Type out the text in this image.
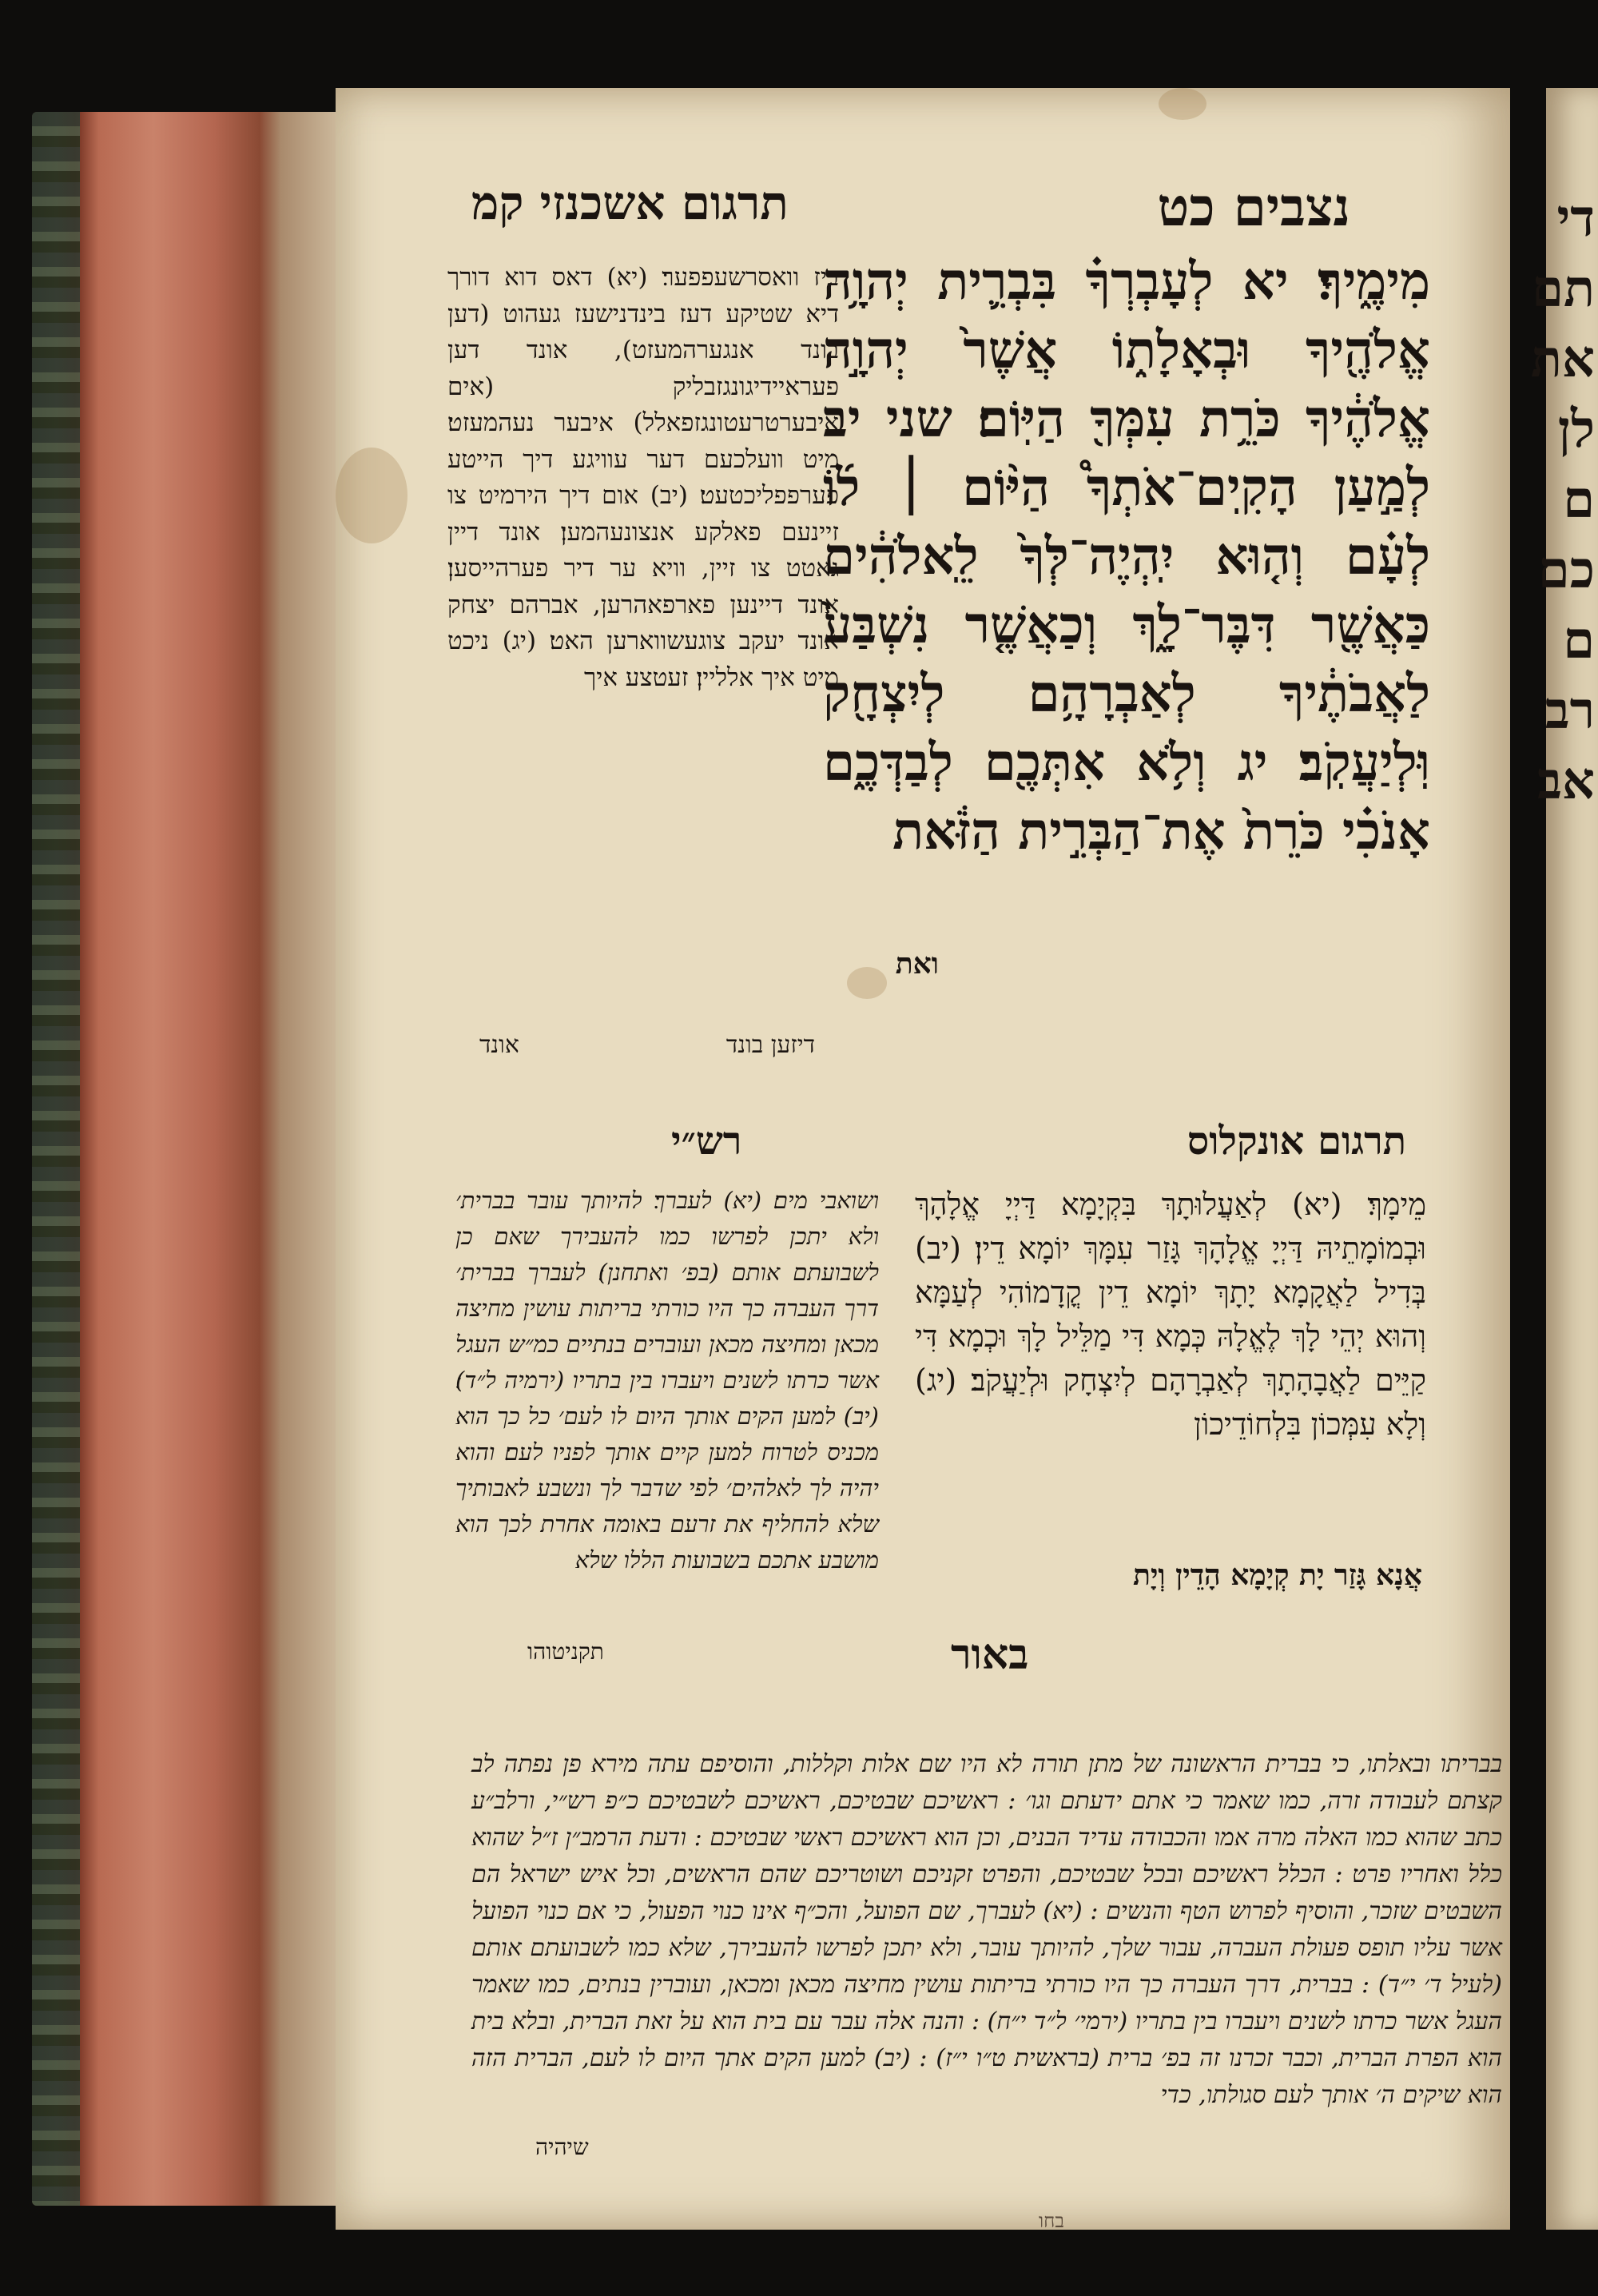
נצבים כט
תרגום אשכנזי קמ
מִימֶ֑יךָ׃ יא לְעָבְרְךָ֗ בִּבְרִ֛ית יְהוָ֥ה אֱלֹהֶ֖יךָ וּבְאָלָת֑וֹ אֲשֶׁר֙ יְהוָ֣ה אֱלֹהֶ֔יךָ כֹּרֵ֥ת עִמְּךָ֖ הַיּֽוֹם׃ שני יב לְמַ֣עַן הָקִֽים־אֹתְךָ֩ הַיּ֨וֹם ׀ ל֜וֹ לְעָ֗ם וְה֤וּא יִֽהְיֶה־לְּךָ֙ לֵֽאלֹהִ֔ים כַּאֲשֶׁ֖ר דִּבֶּר־לָ֑ךְ וְכַאֲשֶׁ֤ר נִשְׁבַּע֙ לַאֲבֹתֶ֔יךָ לְאַבְרָהָ֥ם לְיִצְחָ֖ק וּֽלְיַעֲקֹֽב׃ יג וְלֹ֥א אִתְּכֶ֖ם לְבַדְּכֶ֑ם אָנֹכִ֗י כֹּרֵת֙ אֶת־הַבְּרִ֣ית הַזֹּ֔את
ואת
ביז וואסרשעפפער׃ (יא) דאס דוא דורך דיא שטיקע דעז בינדנישעז געהוט (דען בונד אנגערהמעזט), אונד דען פעראיידיגונגזבליק (אים איבערטרעטונגזפאלל) איבער נעהמעזט׃ מיט וועלכעם דער עוויגע דיך הייטע פערפפליכטעט׃ (יב) אום דיך הירמיט צו זיינעם פאלקע אנצונעהמען׃ אונד דיין גאטט צו זיין, וויא ער דיר פערהייסען׃ אונד דיינען פארפאהרען, אברהם יצחק אונד יעקב צוגעשווארען האט׃ (יג) ניכט מיט איך אלליין׃ זעטצע איך
דיזען בונד
אונד
תרגום אונקלוס
רש״י
מֵימָךְ׃ (יא) לְאַעֲלוּתָךְ בִּקְיָמָא דַּיְיָ אֱלָהָךְ וּבְמוֹמָתֵיהּ דַּיְיָ אֱלָהָךְ גָּזַר עִמָּךְ יוֹמָא דֵין׃ (יב) בְּדִיל לַאֲקָמָא יָתָךְ יוֹמָא דֵין קֳדָמוֹהִי לְעַמָּא וְהוּא יְהֵי לָךְ לֶאֱלָהּ כְּמָא דִּי מַלֵּיל לָךְ וּכְמָא דִּי קַיֵּים לַאֲבָהָתָךְ לְאַבְרָהָם לְיִצְחָק וּלְיַעֲקֹב׃ (יג) וְלָא עִמְּכוֹן בִּלְחוֹדֵיכוֹן
אֲנָא גָּזַר יָת קְיָמָא הָדֵין וְיָת
ושואבי מים׃ (יא) לעברך׃ להיותך עובר בברית׳ ולא יתכן לפרשו כמו להעבירך שאם כן לשבועתם אותם (בפ׳ ואתחנן)׃ לעברך בברית׳ דרך העברה כך היו כורתי בריתות עושין מחיצה מכאן ומחיצה מכאן ועוברים בנתיים כמ״ש העגל אשר כרתו לשנים ויעברו בין בתריו (ירמיה ל״ד)׃ (יב) למען הקים אותך היום לו לעם׳ כל כך הוא מכניס לטרוח למען קיים אותך לפניו לעם׃ והוא יהיה לך לאלהים׳ לפי שדבר לך ונשבע לאבותיך שלא להחליף את זרעם באומה אחרת לכך הוא מושבע אתכם בשבועות הללו שלא
תקניטוהו	באור
בבריתו ובאלתו, כי בברית הראשונה של מתן תורה לא היו שם אלות וקללות, והוסיפם עתה מירא פן נפתה לב קצתם לעבודה זרה, כמו שאמר כי אתם ידעתם וגו׳ : ראשיכם שבטיכם, ראשיכם לשבטיכם כ״פ רש״י, ורלב״ע כתב שהוא כמו האלה מרה אמו והכבודה עדיד הבנים, וכן הוא ראשיכם ראשי שבטיכם : ודעת הרמב״ן ז״ל שהוא כלל ואחריו פרט : הכלל ראשיכם ובכל שבטיכם, והפרט זקניכם ושוטריכם שהם הראשים, וכל איש ישראל הם השבטים שזכר, והוסיף לפרוש הטף והנשים : (יא) לעברך, שם הפועל, והכ״ף אינו כנוי הפעול, כי אם כנוי הפועל אשר עליו תופס פעולת העברה, עבור שלך, להיותך עובר, ולא יתכן לפרשו להעבירך, שלא כמו לשבועתם אותם (לעיל ד׳ י״ד) : בברית, דרך העברה כך היו כורתי בריתות עושין מחיצה מכאן ומכאן, ועוברין בנתים, כמו שאמר העגל אשר כרתו לשנים ויעברו בין בתריו (ירמי׳ ל״ד י״ח) : והנה אלה עבר עם בית הוא על זאת הברית, ובלא בית הוא הפרת הברית, וכבר זכרנו זה בפ׳ ברית (בראשית ט״ו י״ז) : (יב) למען הקים אתך היום לו לעם, הברית הזה הוא שיקים ה׳ אותך לעם סגולתו, כדי
שיהיה
בחו
די תם את לן ם כם ם רב אב
